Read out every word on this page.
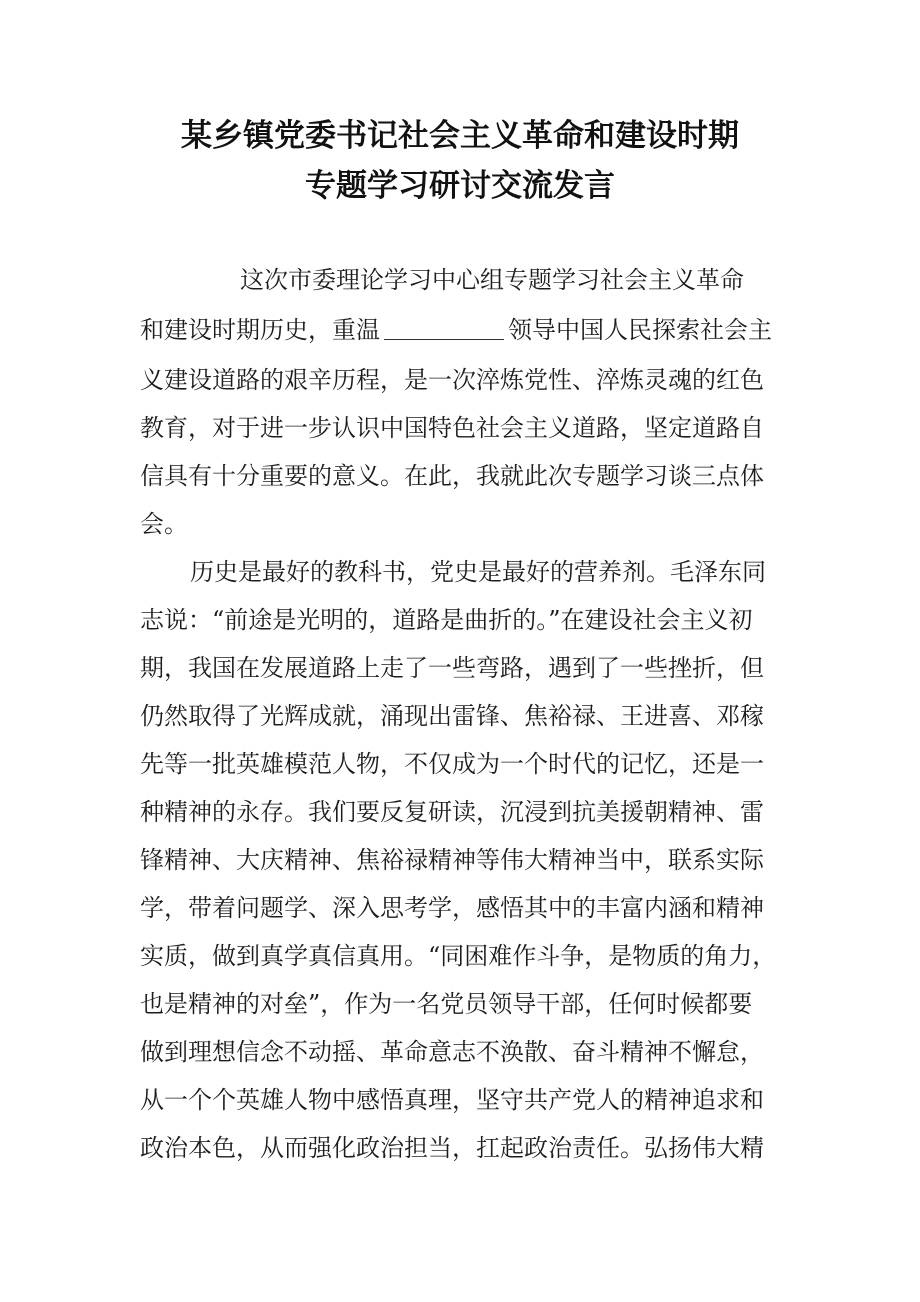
某乡镇党委书记社会主义革命和建设时期
专题学习研讨交流发言
这次市委理论学习中心组专题学习社会主义革命
和建设时期历史，重温	领导中国人民探索社会主
义建设道路的艰辛历程，是一次淬炼党性、淬炼灵魂的红色
教育，对于进一步认识中国特色社会主义道路，坚定道路自
信具有十分重要的意义。在此，我就此次专题学习谈三点体
会。
历史是最好的教科书，党史是最好的营养剂。毛泽东同
志说：“前途是光明的，道路是曲折的。”在建设社会主义初
期，我国在发展道路上走了一些弯路，遇到了一些挫折，但
仍然取得了光辉成就，涌现出雷锋、焦裕禄、王进喜、邓稼
先等一批英雄模范人物，不仅成为一个时代的记忆，还是一
种精神的永存。我们要反复研读，沉浸到抗美援朝精神、雷
锋精神、大庆精神、焦裕禄精神等伟大精神当中，联系实际
学，带着问题学、深入思考学，感悟其中的丰富内涵和精神
实质，做到真学真信真用。“同困难作斗争，是物质的角力，
也是精神的对垒”，作为一名党员领导干部，任何时候都要
做到理想信念不动摇、革命意志不涣散、奋斗精神不懈怠，
从一个个英雄人物中感悟真理，坚守共产党人的精神追求和
政治本色，从而强化政治担当，扛起政治责任。弘扬伟大精
